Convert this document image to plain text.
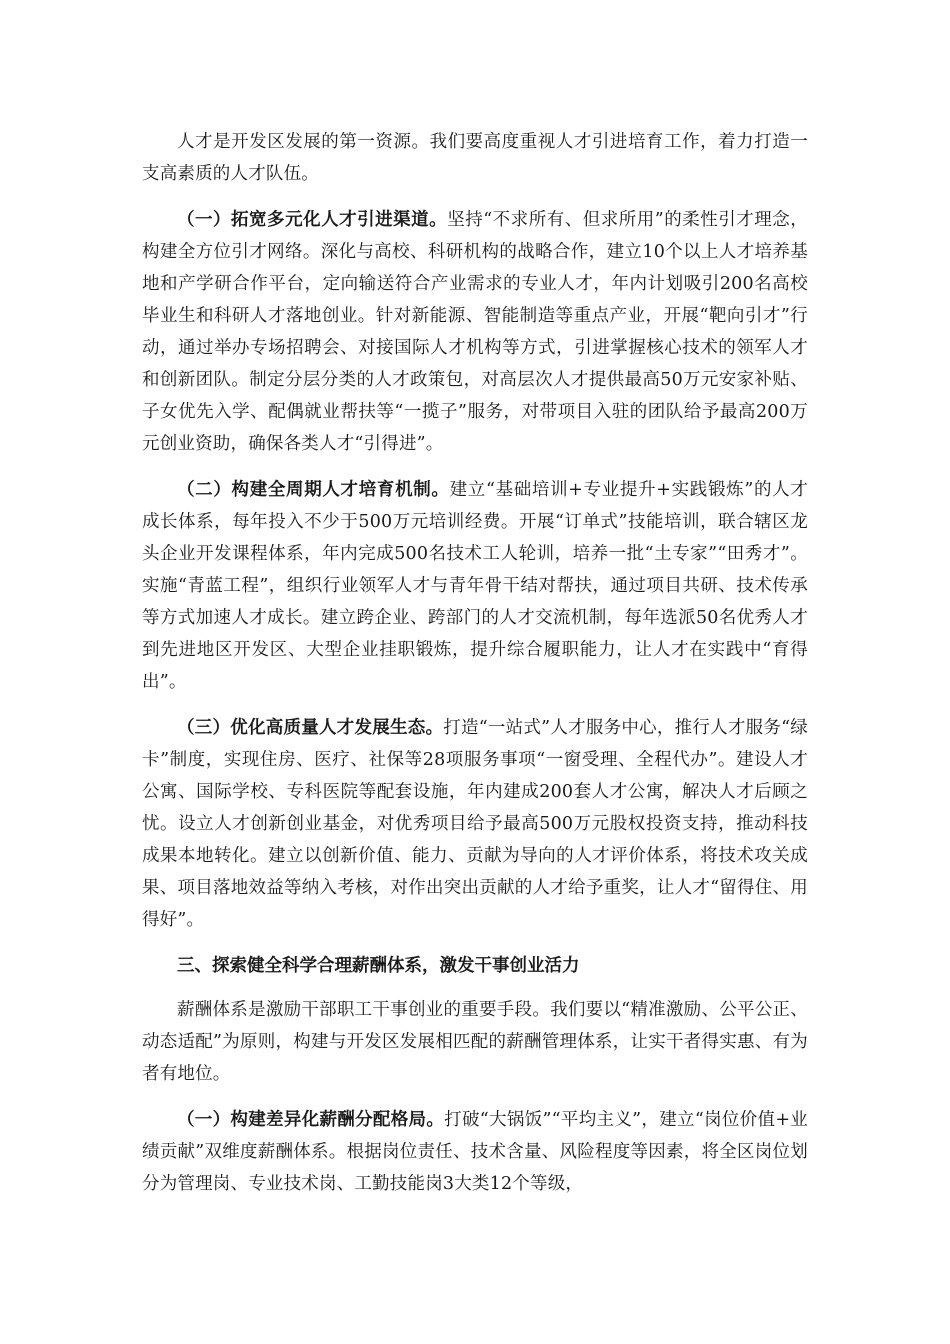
人才是开发区发展的第一资源。我们要高度重视人才引进培育工作，着力打造一支高素质的人才队伍。

（一）拓宽多元化人才引进渠道。坚持“不求所有、但求所用”的柔性引才理念，构建全方位引才网络。深化与高校、科研机构的战略合作，建立10个以上人才培养基地和产学研合作平台，定向输送符合产业需求的专业人才，年内计划吸引200名高校毕业生和科研人才落地创业。针对新能源、智能制造等重点产业，开展“靶向引才”行动，通过举办专场招聘会、对接国际人才机构等方式，引进掌握核心技术的领军人才和创新团队。制定分层分类的人才政策包，对高层次人才提供最高50万元安家补贴、子女优先入学、配偶就业帮扶等“一揽子”服务，对带项目入驻的团队给予最高200万元创业资助，确保各类人才“引得进”。

（二）构建全周期人才培育机制。建立“基础培训+专业提升+实践锻炼”的人才成长体系，每年投入不少于500万元培训经费。开展“订单式”技能培训，联合辖区龙头企业开发课程体系，年内完成500名技术工人轮训，培养一批“土专家”“田秀才”。实施“青蓝工程”，组织行业领军人才与青年骨干结对帮扶，通过项目共研、技术传承等方式加速人才成长。建立跨企业、跨部门的人才交流机制，每年选派50名优秀人才到先进地区开发区、大型企业挂职锻炼，提升综合履职能力，让人才在实践中“育得出”。

（三）优化高质量人才发展生态。打造“一站式”人才服务中心，推行人才服务“绿卡”制度，实现住房、医疗、社保等28项服务事项“一窗受理、全程代办”。建设人才公寓、国际学校、专科医院等配套设施，年内建成200套人才公寓，解决人才后顾之忧。设立人才创新创业基金，对优秀项目给予最高500万元股权投资支持，推动科技成果本地转化。建立以创新价值、能力、贡献为导向的人才评价体系，将技术攻关成果、项目落地效益等纳入考核，对作出突出贡献的人才给予重奖，让人才“留得住、用得好”。

三、探索健全科学合理薪酬体系，激发干事创业活力

薪酬体系是激励干部职工干事创业的重要手段。我们要以“精准激励、公平公正、动态适配”为原则，构建与开发区发展相匹配的薪酬管理体系，让实干者得实惠、有为者有地位。

（一）构建差异化薪酬分配格局。打破“大锅饭”“平均主义”，建立“岗位价值+业绩贡献”双维度薪酬体系。根据岗位责任、技术含量、风险程度等因素，将全区岗位划分为管理岗、专业技术岗、工勤技能岗3大类12个等级，
